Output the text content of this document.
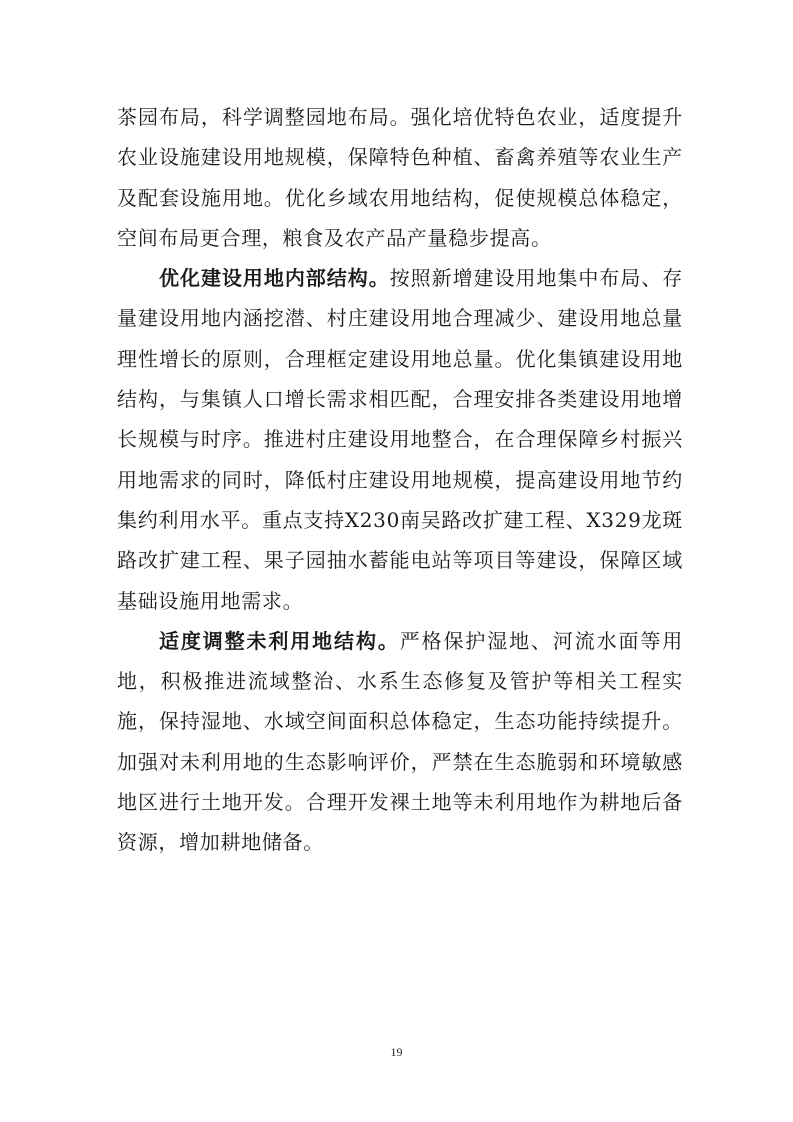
茶园布局，科学调整园地布局。强化培优特色农业，适度提升农业设施建设用地规模，保障特色种植、畜禽养殖等农业生产及配套设施用地。优化乡域农用地结构，促使规模总体稳定，空间布局更合理，粮食及农产品产量稳步提高。

优化建设用地内部结构。按照新增建设用地集中布局、存量建设用地内涵挖潜、村庄建设用地合理减少、建设用地总量理性增长的原则，合理框定建设用地总量。优化集镇建设用地结构，与集镇人口增长需求相匹配，合理安排各类建设用地增长规模与时序。推进村庄建设用地整合，在合理保障乡村振兴用地需求的同时，降低村庄建设用地规模，提高建设用地节约集约利用水平。重点支持X230南吴路改扩建工程、X329龙斑路改扩建工程、果子园抽水蓄能电站等项目等建设，保障区域基础设施用地需求。

适度调整未利用地结构。严格保护湿地、河流水面等用地，积极推进流域整治、水系生态修复及管护等相关工程实施，保持湿地、水域空间面积总体稳定，生态功能持续提升。加强对未利用地的生态影响评价，严禁在生态脆弱和环境敏感地区进行土地开发。合理开发裸土地等未利用地作为耕地后备资源，增加耕地储备。

19
